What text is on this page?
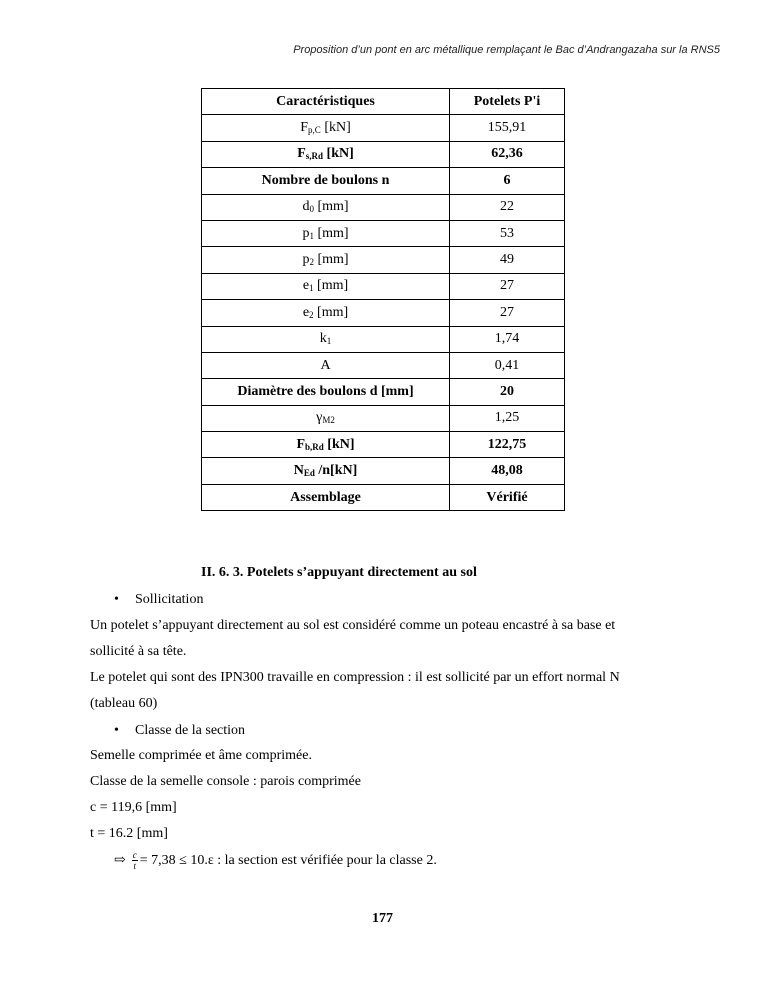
Proposition d’un pont en arc métallique remplaçant le Bac d’Andrangazaha sur la RNS5
Caractéristiques	Potelets P'i
$F_{p,C}$ [kN]	155,91
$F_{s,Rd}$ [kN]	62,36
Nombre de boulons n	6
$d_0$ [mm]	22
$p_1$ [mm]	53
$p_2$ [mm]	49
$e_1$ [mm]	27
$e_2$ [mm]	27
$k_1$	1,74
A	0,41
Diamètre des boulons d [mm]	20
$\gamma_{M2}$	1,25
$F_{b,Rd}$ [kN]	122,75
$N_{Ed}$ /n[kN]	48,08
Assemblage	Vérifié
II. 6. 3. Potelets s’appuyant directement au sol
• Sollicitation
Un potelet s’appuyant directement au sol est considéré comme un poteau encastré à sa base et
sollicité à sa tête.
Le potelet qui sont des IPN300 travaille en compression : il est sollicité par un effort normal N
(tableau 60)
• Classe de la section
Semelle comprimée et âme comprimée.
Classe de la semelle console : parois comprimée
c = 119,6 [mm]
t = 16.2 [mm]
⇨ $\frac{c}{t} = 7,38 \le 10.\varepsilon$ : la section est vérifiée pour la classe 2.
177
